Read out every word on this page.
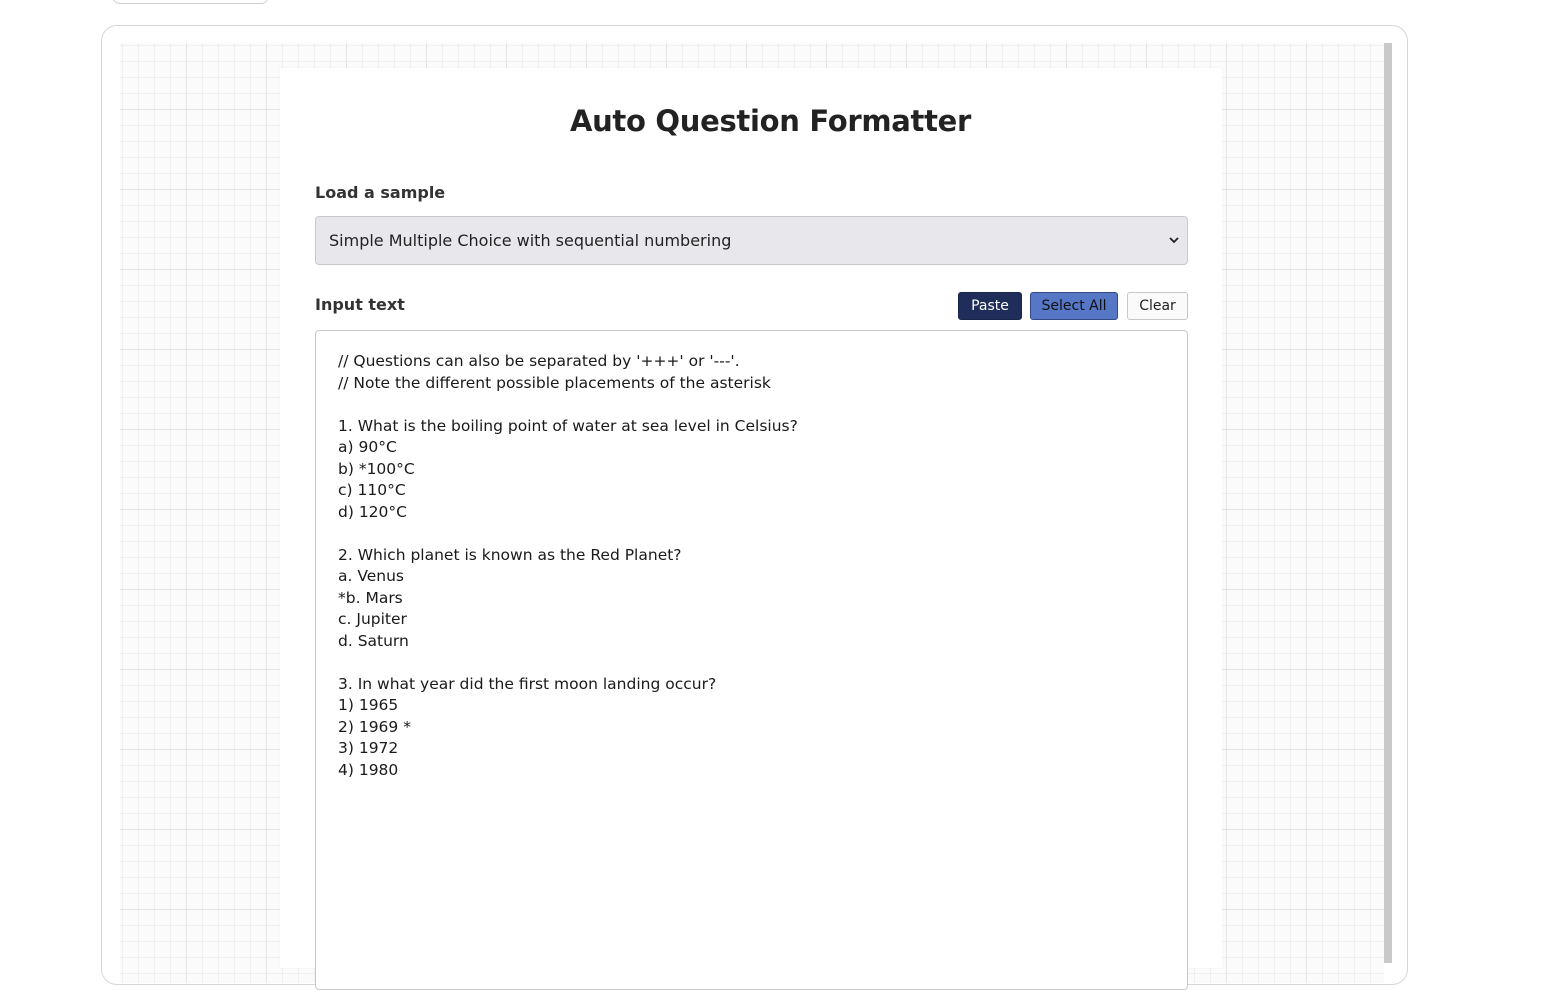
Auto Question Formatter
Load a sample
Simple Multiple Choice with sequential numbering
Input text	Paste	Select All	Clear
// Questions can also be separated by '+++' or '---'.
// Note the different possible placements of the asterisk
1. What is the boiling point of water at sea level in Celsius?
a) 90°C
b) *100°C
c) 110°C
d) 120°C
2. Which planet is known as the Red Planet?
a. Venus
*b. Mars
c. Jupiter
d. Saturn
3. In what year did the first moon landing occur?
1) 1965
2) 1969 *
3) 1972
4) 1980
